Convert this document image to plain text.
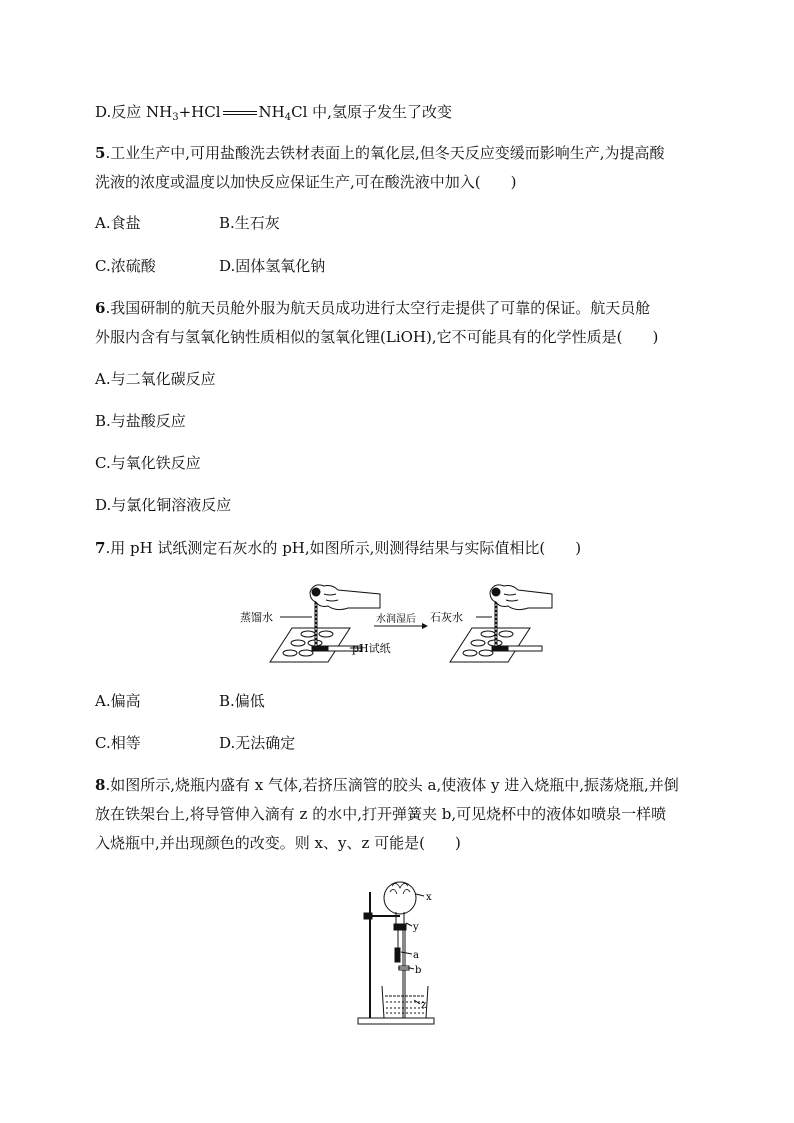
D.反应 $NH_3+HCl$	$NH_4Cl$ 中,氢原子发生了改变
5.工业生产中,可用盐酸洗去铁材表面上的氧化层,但冬天反应变缓而影响生产,为提高酸
洗液的浓度或温度以加快反应保证生产,可在酸洗液中加入(　　)
A.食盐	B.生石灰
C.浓硫酸	D.固体氢氧化钠
6.我国研制的航天员舱外服为航天员成功进行太空行走提供了可靠的保证。航天员舱
外服内含有与氢氧化钠性质相似的氢氧化锂(LiOH),它不可能具有的化学性质是(　　)
A.与二氧化碳反应
B.与盐酸反应
C.与氧化铁反应
D.与氯化铜溶液反应
7.用 pH 试纸测定石灰水的 pH,如图所示,则测得结果与实际值相比(　　)
蒸馏水
pH试纸
水润湿后 石灰水
A.偏高	B.偏低
C.相等	D.无法确定
8.如图所示,烧瓶内盛有 x 气体,若挤压滴管的胶头 a,使液体 y 进入烧瓶中,振荡烧瓶,并倒
放在铁架台上,将导管伸入滴有 z 的水中,打开弹簧夹 b,可见烧杯中的液体如喷泉一样喷
入烧瓶中,并出现颜色的改变。则 x、y、z 可能是(　　)
x
y
a
b
z
